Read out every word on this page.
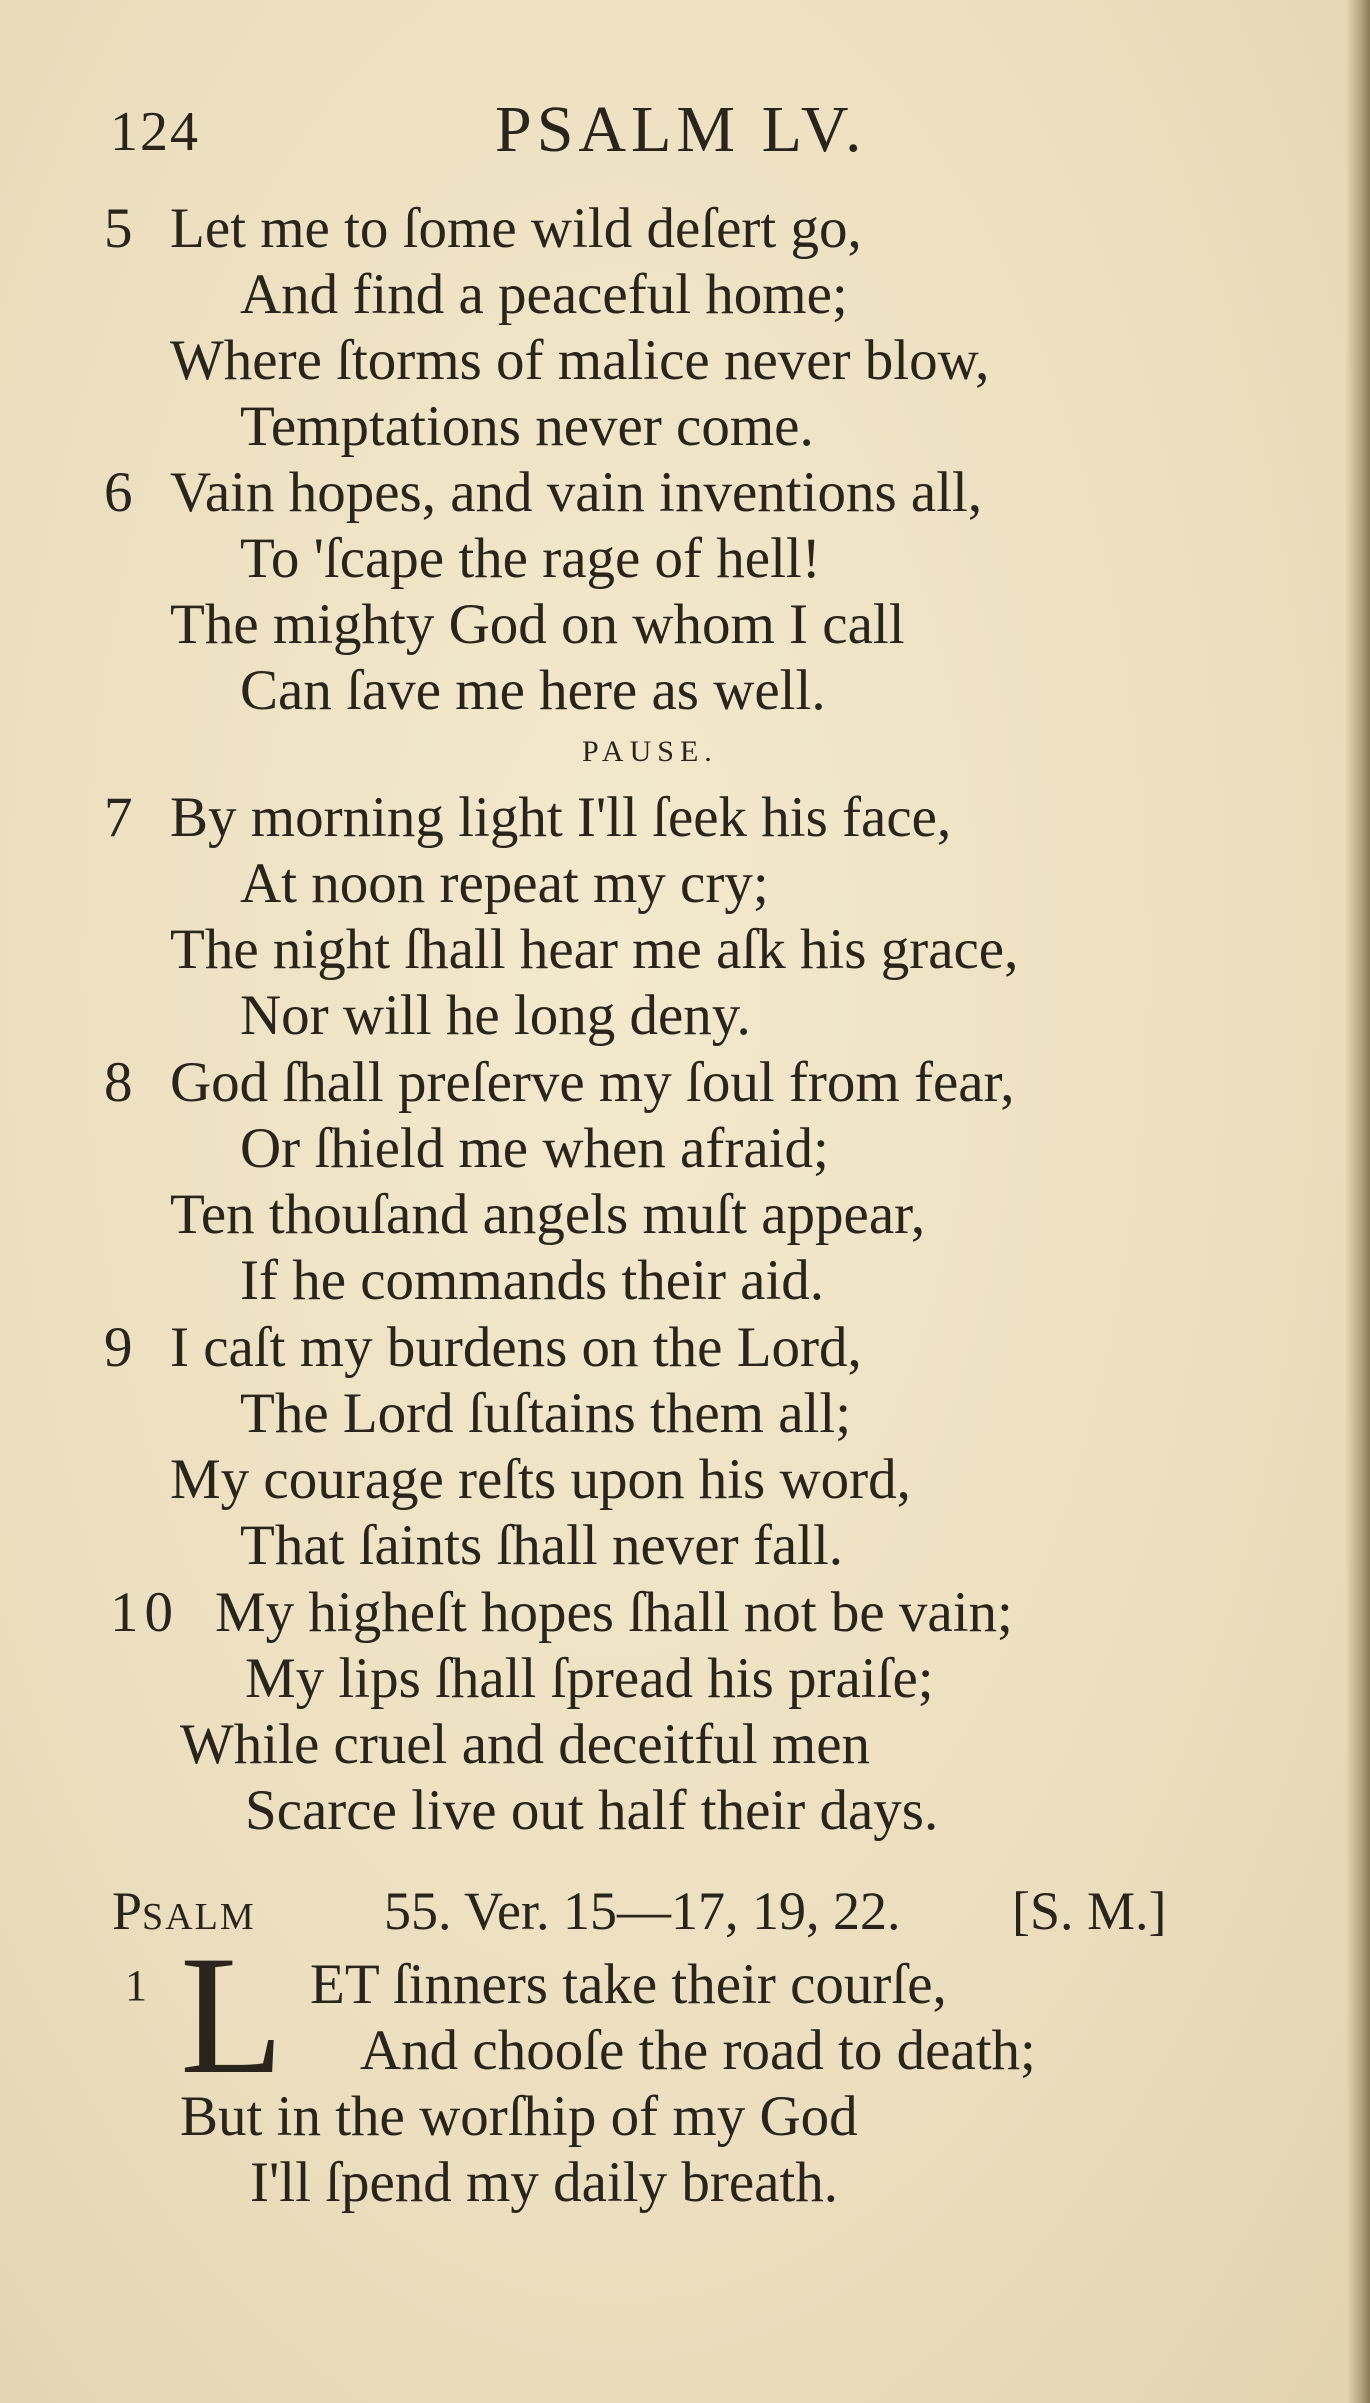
124	PSALM LV.
5 Let me to ſome wild deſert go,
And find a peaceful home;
Where ſtorms of malice never blow,
Temptations never come.
6 Vain hopes, and vain inventions all,
To 'ſcape the rage of hell!
The mighty God on whom I call
Can ſave me here as well.
PAUSE.
7 By morning light I'll ſeek his face,
At noon repeat my cry;
The night ſhall hear me aſk his grace,
Nor will he long deny.
8 God ſhall preſerve my ſoul from fear,
Or ſhield me when afraid;
Ten thouſand angels muſt appear,
If he commands their aid.
9 I caſt my burdens on the Lord,
The Lord ſuſtains them all;
My courage reſts upon his word,
That ſaints ſhall never fall.
10 My higheſt hopes ſhall not be vain;
My lips ſhall ſpread his praiſe;
While cruel and deceitful men
Scarce live out half their days.
PSALM 55. Ver. 15—17, 19, 22. [S. M.]
1 L ET ſinners take their courſe,
And chooſe the road to death;
But in the worſhip of my God
I'll ſpend my daily breath.
